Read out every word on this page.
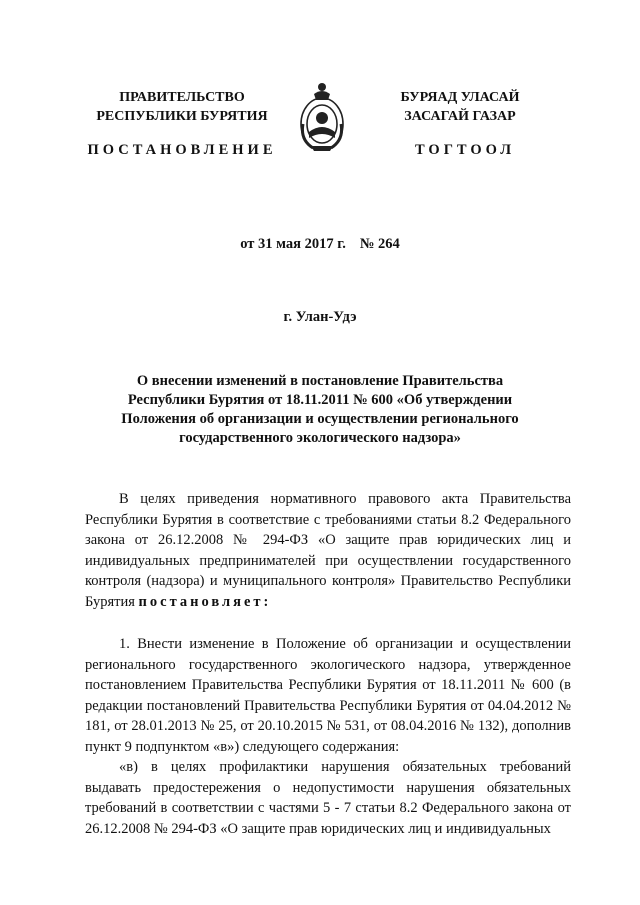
ПРАВИТЕЛЬСТВО
РЕСПУБЛИКИ БУРЯТИЯ
БУРЯАД УЛАСАЙ
ЗАСАГАЙ ГАЗАР
ПОСТАНОВЛЕНИЕ	ТОГТООЛ
от 31 мая 2017 г. № 264
г. Улан-Удэ
О внесении изменений в постановление Правительства
Республики Бурятия от 18.11.2011 № 600 «Об утверждении
Положения об организации и осуществлении регионального
государственного экологического надзора»

В целях приведения нормативного правового акта Правительства Республики Бурятия в соответствие с требованиями статьи 8.2 Федерального закона от 26.12.2008 № 294-ФЗ «О защите прав юридических лиц и индивидуальных предпринимателей при осуществлении государственного контроля (надзора) и муниципального контроля» Правительство Республики Бурятия постановляет:

1. Внести изменение в Положение об организации и осуществлении регионального государственного экологического надзора, утвержденное постановлением Правительства Республики Бурятия от 18.11.2011 № 600 (в редакции постановлений Правительства Республики Бурятия от 04.04.2012 № 181, от 28.01.2013 № 25, от 20.10.2015 № 531, от 08.04.2016 № 132), дополнив пункт 9 подпунктом «в») следующего содержания:

«в) в целях профилактики нарушения обязательных требований выдавать предостережения о недопустимости нарушения обязательных требований в соответствии с частями 5 - 7 статьи 8.2 Федерального закона от 26.12.2008 № 294-ФЗ «О защите прав юридических лиц и индивидуальных
